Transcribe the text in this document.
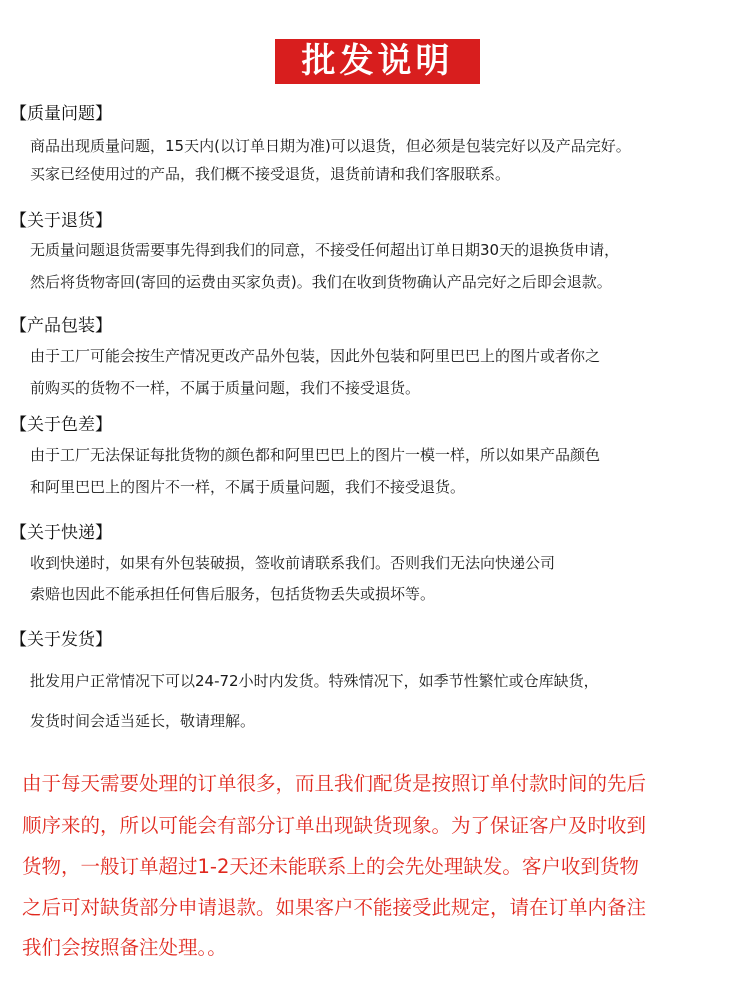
批发说明
【质量问题】
商品出现质量问题，15天内(以订单日期为准)可以退货，但必须是包装完好以及产品完好。
买家已经使用过的产品，我们概不接受退货，退货前请和我们客服联系。
【关于退货】
无质量问题退货需要事先得到我们的同意，不接受任何超出订单日期30天的退换货申请，
然后将货物寄回(寄回的运费由买家负责)。我们在收到货物确认产品完好之后即会退款。
【产品包装】
由于工厂可能会按生产情况更改产品外包装，因此外包装和阿里巴巴上的图片或者你之
前购买的货物不一样，不属于质量问题，我们不接受退货。
【关于色差】
由于工厂无法保证每批货物的颜色都和阿里巴巴上的图片一模一样，所以如果产品颜色
和阿里巴巴上的图片不一样，不属于质量问题，我们不接受退货。
【关于快递】
收到快递时，如果有外包装破损，签收前请联系我们。否则我们无法向快递公司
索赔也因此不能承担任何售后服务，包括货物丢失或损坏等。
【关于发货】
批发用户正常情况下可以24-72小时内发货。特殊情况下，如季节性繁忙或仓库缺货，
发货时间会适当延长，敬请理解。
由于每天需要处理的订单很多，而且我们配货是按照订单付款时间的先后
顺序来的，所以可能会有部分订单出现缺货现象。为了保证客户及时收到
货物，一般订单超过1-2天还未能联系上的会先处理缺发。客户收到货物
之后可对缺货部分申请退款。如果客户不能接受此规定，请在订单内备注
我们会按照备注处理。。
